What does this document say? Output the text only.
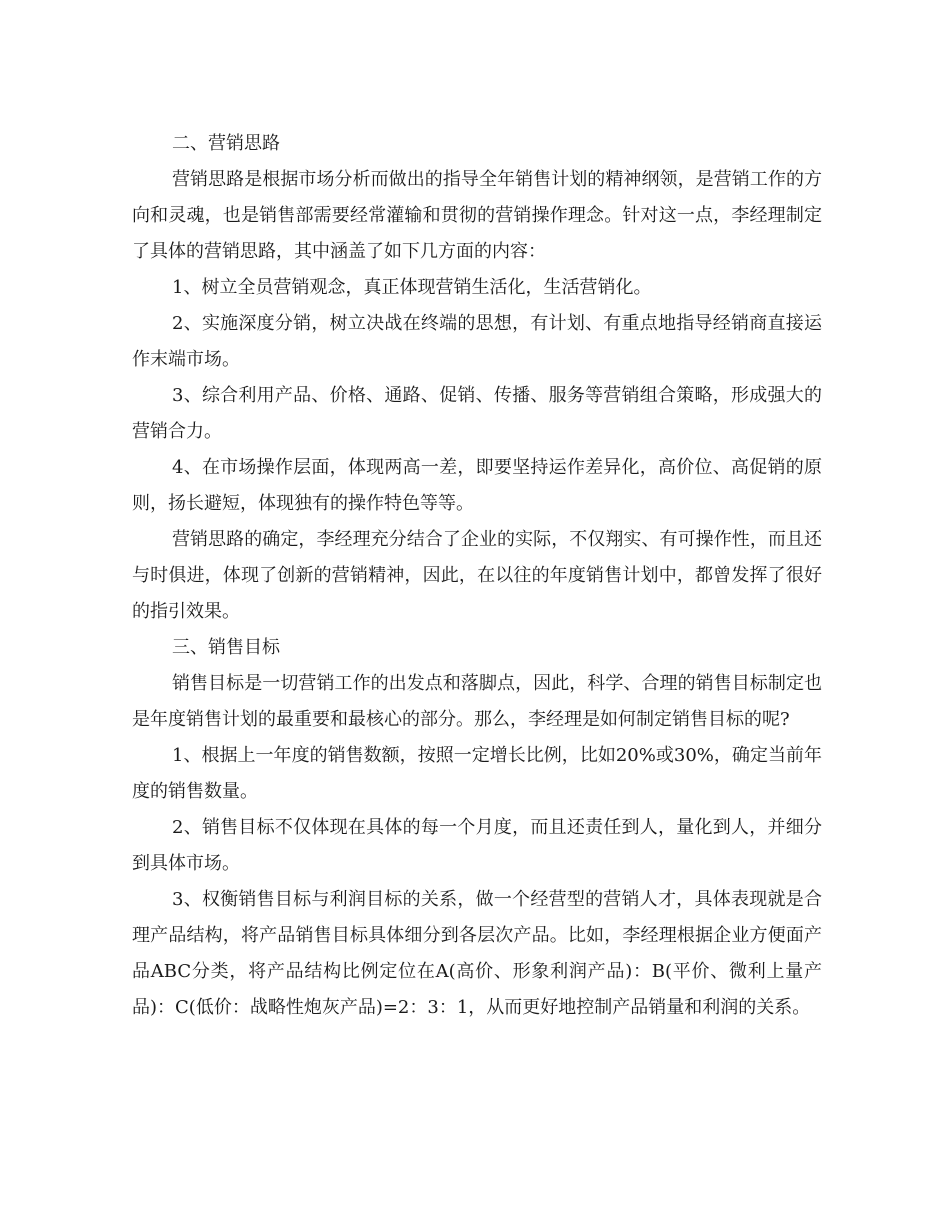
二、营销思路

营销思路是根据市场分析而做出的指导全年销售计划的精神纲领，是营销工作的方向和灵魂，也是销售部需要经常灌输和贯彻的营销操作理念。针对这一点，李经理制定了具体的营销思路，其中涵盖了如下几方面的内容：

1、树立全员营销观念，真正体现营销生活化，生活营销化。

2、实施深度分销，树立决战在终端的思想，有计划、有重点地指导经销商直接运作末端市场。

3、综合利用产品、价格、通路、促销、传播、服务等营销组合策略，形成强大的营销合力。

4、在市场操作层面，体现两高一差，即要坚持运作差异化，高价位、高促销的原则，扬长避短，体现独有的操作特色等等。

营销思路的确定，李经理充分结合了企业的实际，不仅翔实、有可操作性，而且还与时俱进，体现了创新的营销精神，因此，在以往的年度销售计划中，都曾发挥了很好的指引效果。

三、销售目标

销售目标是一切营销工作的出发点和落脚点，因此，科学、合理的销售目标制定也是年度销售计划的最重要和最核心的部分。那么，李经理是如何制定销售目标的呢?

1、根据上一年度的销售数额，按照一定增长比例，比如20%或30%，确定当前年度的销售数量。

2、销售目标不仅体现在具体的每一个月度，而且还责任到人，量化到人，并细分到具体市场。

3、权衡销售目标与利润目标的关系，做一个经营型的营销人才，具体表现就是合理产品结构，将产品销售目标具体细分到各层次产品。比如，李经理根据企业方便面产品ABC分类，将产品结构比例定位在A(高价、形象利润产品)：B(平价、微利上量产品)：C(低价：战略性炮灰产品)=2：3：1，从而更好地控制产品销量和利润的关系。
